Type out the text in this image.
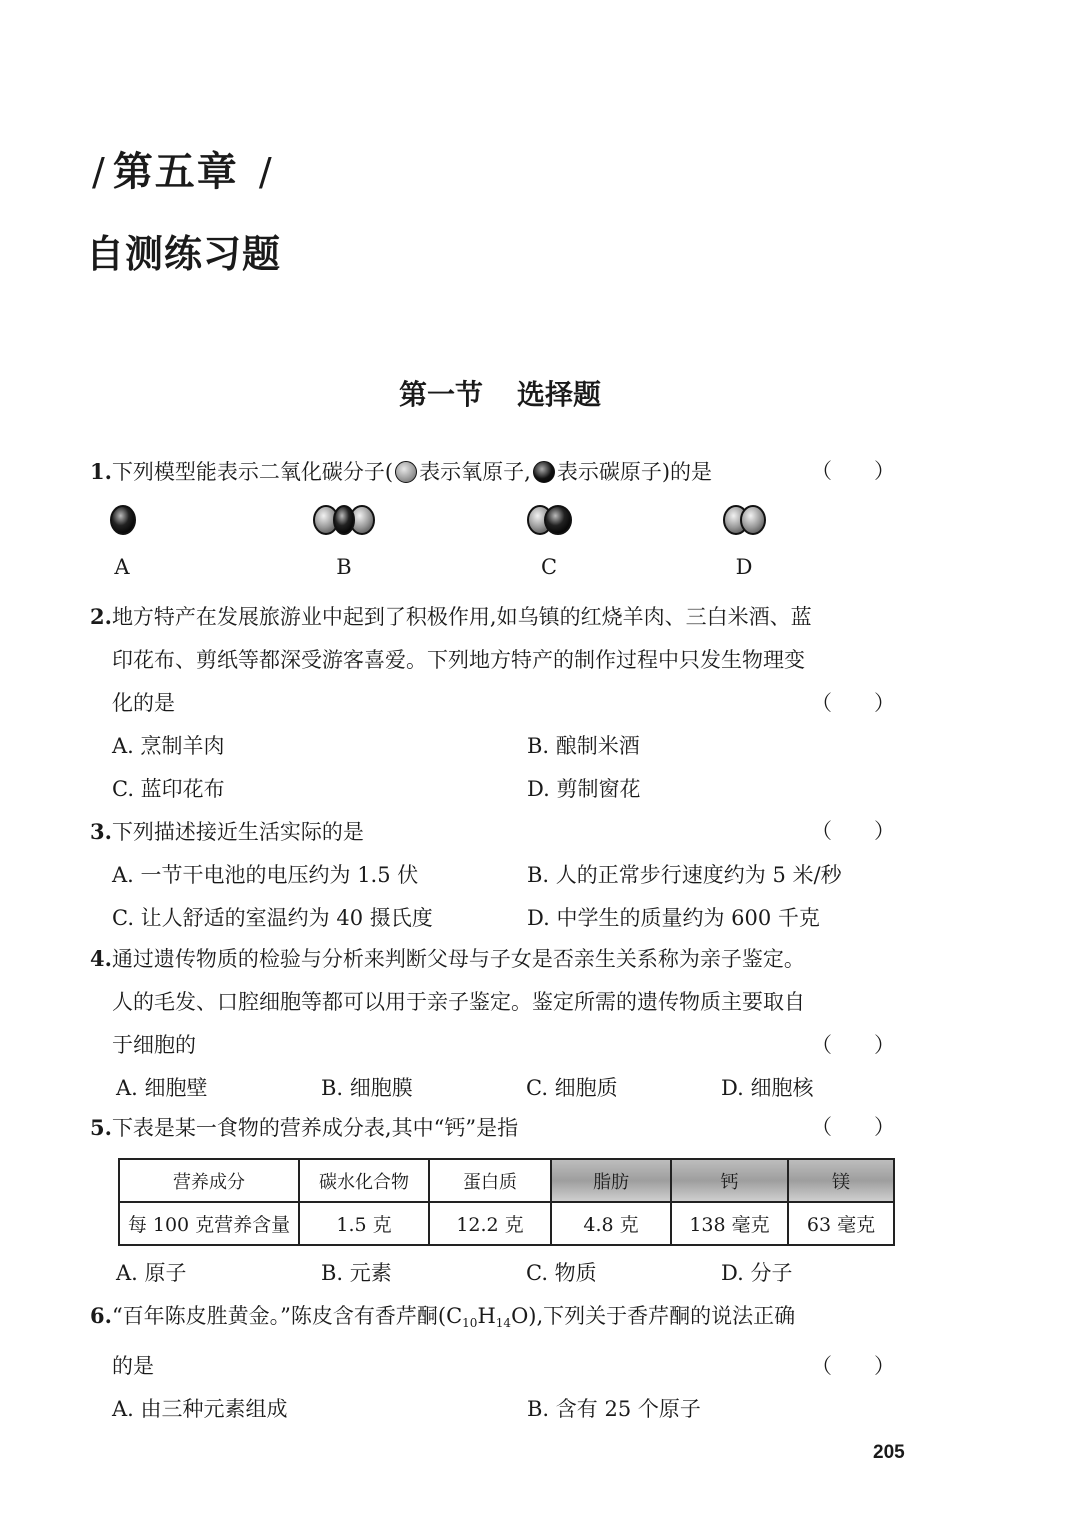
/ 第五章 /
自测练习题
第一节 选择题
1.下列模型能表示二氧化碳分子( 表示氧原子, 表示碳原子)的是	（　　）
A	B	C	D
2.地方特产在发展旅游业中起到了积极作用,如乌镇的红烧羊肉、三白米酒、蓝
印花布、剪纸等都深受游客喜爱。下列地方特产的制作过程中只发生物理变
化的是	（　　）
A. 烹制羊肉	B. 酿制米酒
C. 蓝印花布	D. 剪制窗花
3.下列描述接近生活实际的是	（　　）
A. 一节干电池的电压约为 1.5 伏	B. 人的正常步行速度约为 5 米/秒
C. 让人舒适的室温约为 40 摄氏度	D. 中学生的质量约为 600 千克
4.通过遗传物质的检验与分析来判断父母与子女是否亲生关系称为亲子鉴定。
人的毛发、口腔细胞等都可以用于亲子鉴定。鉴定所需的遗传物质主要取自
于细胞的	（　　）
A. 细胞壁	B. 细胞膜	C. 细胞质	D. 细胞核
5.下表是某一食物的营养成分表,其中“钙”是指	（　　）
营养成分	碳水化合物	蛋白质	脂肪	钙	镁
每 100 克营养含量	1.5 克	12.2 克	4.8 克	138 毫克	63 毫克
A. 原子	B. 元素	C. 物质	D. 分子
6.“百年陈皮胜黄金。”陈皮含有香芹酮$(C_{10}H_{14}O)$,下列关于香芹酮的说法正确
的是	（　　）
A. 由三种元素组成	B. 含有 25 个原子
205
